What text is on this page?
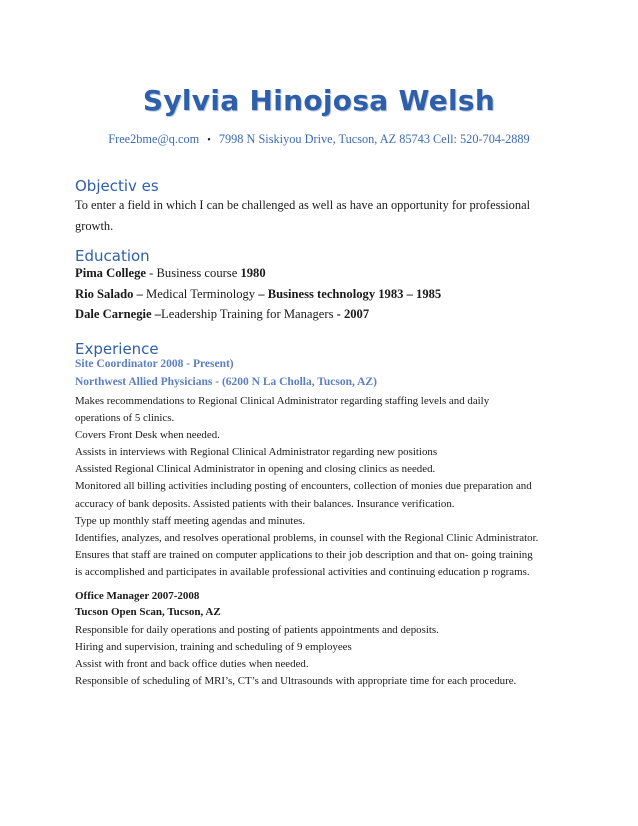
Sylvia Hinojosa Welsh
Free2bme@q.com • 7998 N Siskiyou Drive, Tucson, AZ 85743 Cell: 520-704-2889
Objectiv es
To enter a field in which I can be challenged as well as have an opportunity for professional
growth.
Education
Pima College - Business course 1980
Rio Salado – Medical Terminology – Business technology 1983 – 1985
Dale Carnegie –Leadership Training for Managers - 2007
Experience
Site Coordinator 2008 - Present)
Northwest Allied Physicians - (6200 N La Cholla, Tucson, AZ)
Makes recommendations to Regional Clinical Administrator regarding staffing levels and daily
operations of 5 clinics.
Covers Front Desk when needed.
Assists in interviews with Regional Clinical Administrator regarding new positions
Assisted Regional Clinical Administrator in opening and closing clinics as needed.
Monitored all billing activities including posting of encounters, collection of monies due preparation and
accuracy of bank deposits. Assisted patients with their balances. Insurance verification.
Type up monthly staff meeting agendas and minutes.
Identifies, analyzes, and resolves operational problems, in counsel with the Regional Clinic Administrator.
Ensures that staff are trained on computer applications to their job description and that on- going training
is accomplished and participates in available professional activities and continuing education p rograms.
Office Manager 2007-2008
Tucson Open Scan, Tucson, AZ
Responsible for daily operations and posting of patients appointments and deposits.
Hiring and supervision, training and scheduling of 9 employees
Assist with front and back office duties when needed.
Responsible of scheduling of MRI’s, CT’s and Ultrasounds with appropriate time for each procedure.
